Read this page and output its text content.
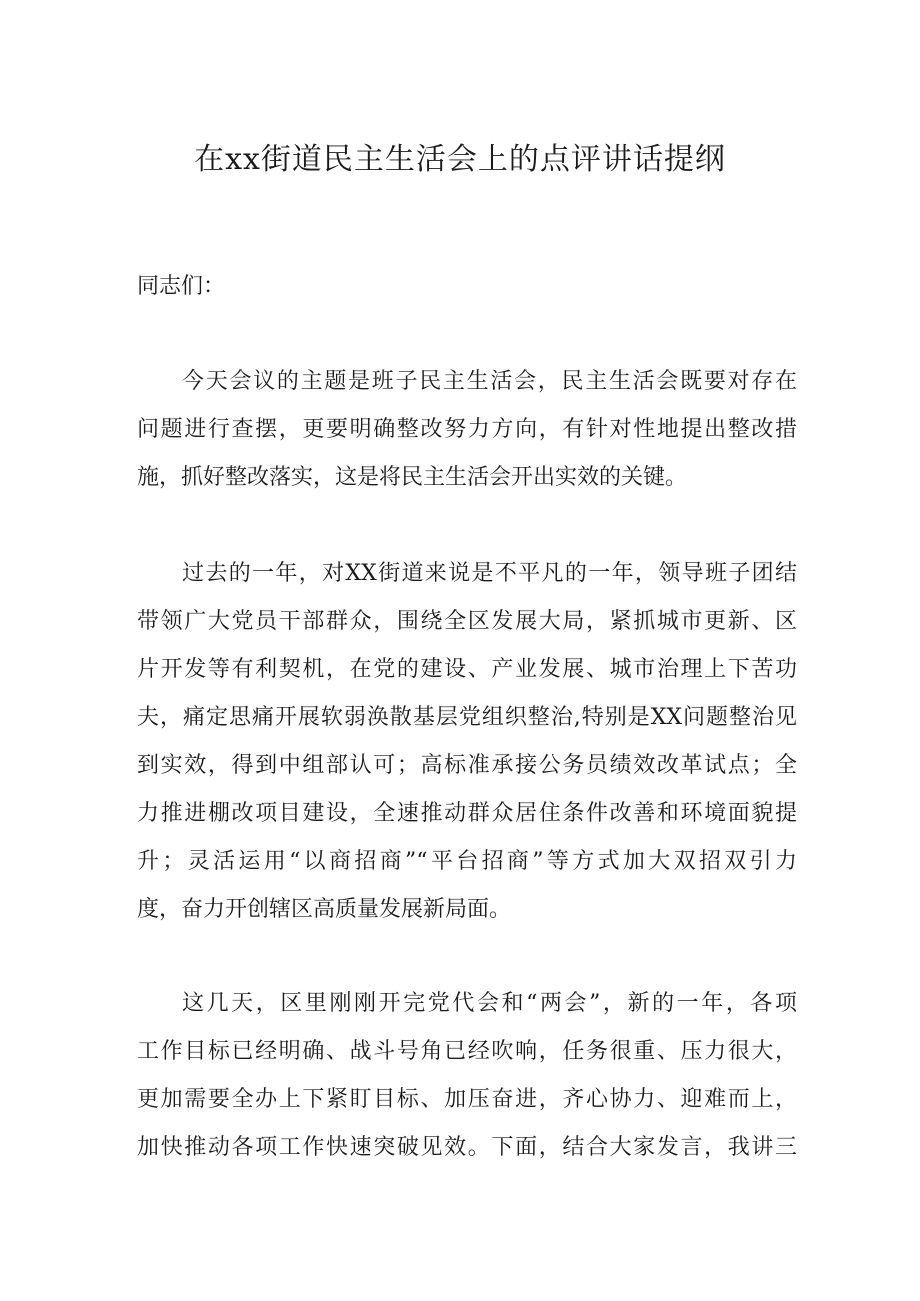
在xx街道民主生活会上的点评讲话提纲
同志们：
今天会议的主题是班子民主生活会，民主生活会既要对存在
问题进行查摆，更要明确整改努力方向，有针对性地提出整改措
施，抓好整改落实，这是将民主生活会开出实效的关键。
过去的一年，对XX街道来说是不平凡的一年，领导班子团结
带领广大党员干部群众，围绕全区发展大局，紧抓城市更新、区
片开发等有利契机，在党的建设、产业发展、城市治理上下苦功
夫，痛定思痛开展软弱涣散基层党组织整治,特别是XX问题整治见
到实效，得到中组部认可；高标准承接公务员绩效改革试点；全
力推进棚改项目建设，全速推动群众居住条件改善和环境面貌提
升；灵活运用“以商招商”“平台招商”等方式加大双招双引力
度，奋力开创辖区高质量发展新局面。
这几天，区里刚刚开完党代会和“两会”，新的一年，各项
工作目标已经明确、战斗号角已经吹响，任务很重、压力很大，
更加需要全办上下紧盯目标、加压奋进，齐心协力、迎难而上，
加快推动各项工作快速突破见效。下面，结合大家发言，我讲三
